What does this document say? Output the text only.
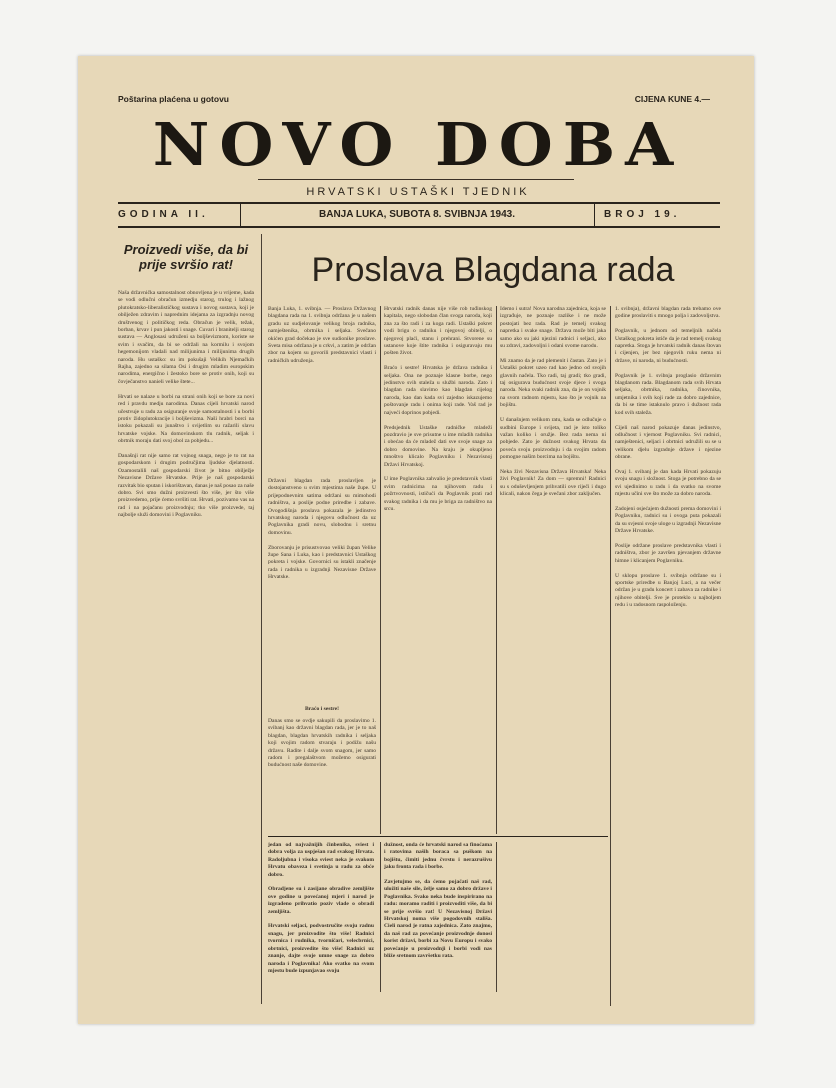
Poštarina plaćena u gotovu	CIJENA KUNE 4.—
NOVO DOBA
HRVATSKI USTAŠKI TJEDNIK
GODINA II.	BANJA LUKA, SUBOTA 8. SVIBNJA 1943.	BROJ 19.
Proizvedi više, da bi prije svršio rat!
Naša državnička samostalnost obnovljena je u vrijeme, kada se vodi odlučni obračun izmedju starog, trulog i lažnog plutokratsko-liberalističkog sustava i novog sustava, koji je obilježen zdravim i naprednim idejama za izgradnju novog društvenog i političkog reda. Obračun je velik, težak, borban, krvav i pun jakosti i snage. Cuvari i branitelji starog sustava — Anglosasi udruženi sa boljševizmom, koriste se svim i svačim, da bi se održali na kormilu i svojom hegemonijom vladali nad milijunima i milijunima drugih naroda. Hu ustaško: su im pokušaji Velikih Njemačkih Rajha, zajedno sa silama Osi i drugim mladim europskim narodima, energično i žestoko bore se protiv onih, koji su čovječanstvo nanieli velike štete...

Hrvati se nalaze u borbi na strani onih koji se bore za novi red i pravdu medju narodima. Danas cijeli hrvatski narod učestvuje u radu za osiguranje svoje samostalnosti i u borbi protiv židoplutokracije i boljševizma. Naši hrabri borci na istoku pokazali su junaštvo i svijetlim su ražarili slavu hrvatske vojske. Na domovinskom tlu radnik, seljak i obrtnik moraju dati svoj obol za pobjedu...

Današnji rat nije samo rat vojnog snaga, nego je to rat na gospodarskom i drugim područjima ljudske djelatnosti. Ozamostalili naš gospodarski život je bitno obilježje Nezavisne Države Hrvatske. Prije je naš gospodarski razvitak bio sputan i iskorištavan, danas je naš posao za naše dobro. Svi smo dužni proizvesti što više, jer što više proizvedemo, prije ćemo svršiti rat. Hrvati, pozivamo vas na rad i na pojačanu proizvodnju; tko više proizvede, taj najbolje služi domovini i Poglavniku.
Proslava Blagdana rada
Banja Luka, 1. svibnja. — Proslava Državnog blagdana rada na 1. svibnja održana je u našem gradu uz sudjelovanje velikog broja radnika, namještenika, obrtnika i seljaka. Svečano okićen grad dočekao je sve sudionike proslave. Sveta misa održana je u crkvi, a zatim je održan zbor na kojem su govorili predstavnici vlasti i radničkih udruženja.
Državni blagdan rada proslavljen je dostojanstveno u svim mjestima naše župe. U prijepodnevnim satima održani su mimohodi radništva, a poslije podne priredbe i zabave. Ovogodišnja proslava pokazala je jedinstvo hrvatskog naroda i njegovu odlučnost da uz Poglavnika gradi novu, slobodnu i sretnu domovinu.

Zborovanju je prisustvovao veliki župan Velike župe Sana i Luka, kao i predstavnici Ustaškog pokreta i vojske. Govornici su istakli značenje rada i radnika u izgradnji Nezavisne Države Hrvatske.
Braćo i sestre!
Danas smo se ovdje sakupili da proslavimo 1. svibanj kao državni blagdan rada, jer je to naš blagdan, blagdan hrvatskih radnika i seljaka koji svojim radom stvaraju i podižu našu državu. Radite i dalje svom snagom, jer samo radom i pregalaštvom možemo osigurati budućnost naše domovine.
Hrvatski radnik danas nije više rob tuđinskog kapitala, nego slobodan član svoga naroda, koji zna za što radi i za koga radi. Ustaški pokret vodi brigu o radniku i njegovoj obitelji, o njegovoj plaći, stanu i prehrani. Stvorene su ustanove koje štite radnika i osiguravaju mu pošten život.

Braćo i sestre! Hrvatska je država radnika i seljaka. Ona ne poznaje klasne borbe, nego jedinstvo svih staleža u službi naroda. Zato i blagdan rada slavimo kao blagdan cijelog naroda, kao dan kada svi zajedno iskazujemo poštovanje radu i onima koji rade. Vaš rad je najveći doprinos pobjedi.

Predsjednik Ustaške radničke mladeži pozdravio je sve prisutne u ime mladih radnika i obećao da će mladež dati sve svoje snage za dobro domovine. Na kraju je okupljeno mnoštvo klicalo Poglavniku i Nezavisnoj Državi Hrvatskoj.

U ime Poglavnika zahvalio je predstavnik vlasti svim radnicima na njihovom radu i požrtvovnosti, ističući da Poglavnik prati rad svakog radnika i da mu je briga za radništvo na srcu.
Idemo i sutra! Nova narodna zajednica, koja se izgrađuje, ne poznaje razlike i ne može postojati bez rada. Rad je temelj svakog napretka i svake snage. Država može biti jaka samo ako su jaki njezini radnici i seljaci, ako su zdravi, zadovoljni i odani svome narodu.

Mi znamo da je rad plemenit i častan. Zato je i Ustaški pokret uzeo rad kao jedno od svojih glavnih načela. Tko radi, taj gradi; tko gradi, taj osigurava budućnost svoje djece i svoga naroda. Neka svaki radnik zna, da je on vojnik na svom radnom mjestu, kao što je vojnik na bojištu.

U današnjem velikom ratu, kada se odlučuje o sudbini Europe i svijeta, rad je isto toliko važan koliko i oružje. Bez rada nema ni pobjede. Zato je dužnost svakog Hrvata da poveća svoju proizvodnju i da svojim radom pomogne našim borcima na bojištu.

Neka živi Nezavisna Država Hrvatska! Neka živi Poglavnik! Za dom — spremni! Radnici su s oduševljenjem prihvatili ove riječi i dugo klicali, nakon čega je svečani zbor zaključen.
1. svibnja), državni blagdan rada trebamo ove godine proslaviti s mnogo polja i zadovoljstva.

Poglavnik, u jednom od temeljnih načela Ustaškog pokreta ističe da je rad temelj svakog napretka. Stoga je hrvatski radnik danas štovan i cijenjen, jer bez njegovih ruku nema ni države, ni naroda, ni budućnosti.

Poglavnik je 1. svibnja proglasio državnim blagdanom rada. Blagdanom rada svih Hrvata seljaka, obrtnika, radnika, činovnika, umjetnika i svih koji rade za dobro zajednice, da bi se time istaknulo pravo i dužnost rada kod svih staleža.

Cijeli naš narod pokazuje danas jedinstvo, odlučnost i vjernost Poglavniku. Svi radnici, namještenici, seljaci i obrtnici udružili su se u velikom djelu izgradnje države i njezine obrane.

Ovaj 1. svibanj je dan kada Hrvati pokazuju svoju snagu i složnost. Stoga je potrebno da se svi ujedinimo u radu i da svatko na svome mjestu učini sve što može za dobro naroda.

Zadojeni osjećajem dužnosti prema domovini i Poglavniku, radnici su i ovoga puta pokazali da su svjesni svoje uloge u izgradnji Nezavisne Države Hrvatske.

Poslije održane proslave predstavnika vlasti i radništva, zbor je završen pjevanjem državne himne i klicanjem Poglavniku.

U sklopu proslave 1. svibnja održane su i sportske priredbe u Banjoj Luci, a na večer održan je u gradu koncert i zabava za radnike i njihove obitelji. Sve je proteklo u najboljem redu i u radosnom raspoloženju.
jedan od najvažnijih činbenika, sviest i dobra volja za uspješan rad svakog Hrvata. Radoljubna i visoka sviest neka je svakom Hrvatu obaveza i svetinja u radu za obće dobro.

Obradjene su i zasijane obradive zemljište ove godine u povećanoj mjeri i narod je izgrađeno prihvatio poziv vlade o obradi zemljišta.

Hrvatski seljaci, podvostručite svoju radnu snagu, jer proizvodite što više! Radnici tvornica i rudnika, tvorničari, velecbrnici, obrtnici, proizvedite što više! Radnici uz znanje, dajte svoje umne snage za dobro naroda i Poglavnika! Ako svatko na svom mjestu bude izpunjavao svoju
dužnost, onda će hrvatski narod sa finoćama i ratovima naših boraca sa puškom na bojištu, čimiti jednu čvrstu i nerazrušivu jaku fronta rada i borbe.

Zavjetujmo se, da ćemo pojačati naš rad, uložiti naše sile, želje samo za dobro države i Poglavnika. Svako neka bude inspirirano na radu: moramo raditi i proizvoditi više, da bi se prije svršio rat! U Nezavisnoj Državi Hrvatskoj noma više pogodovnih stališa. Cieli narod je ratna zajednica. Zato znajmo, da naš rad za povećanje proizvodnje donosi korist državi, borbi za Novu Europu i svako povećanje u proizvodnji i borbi vodi nas bliže sretnom završetku rata.
